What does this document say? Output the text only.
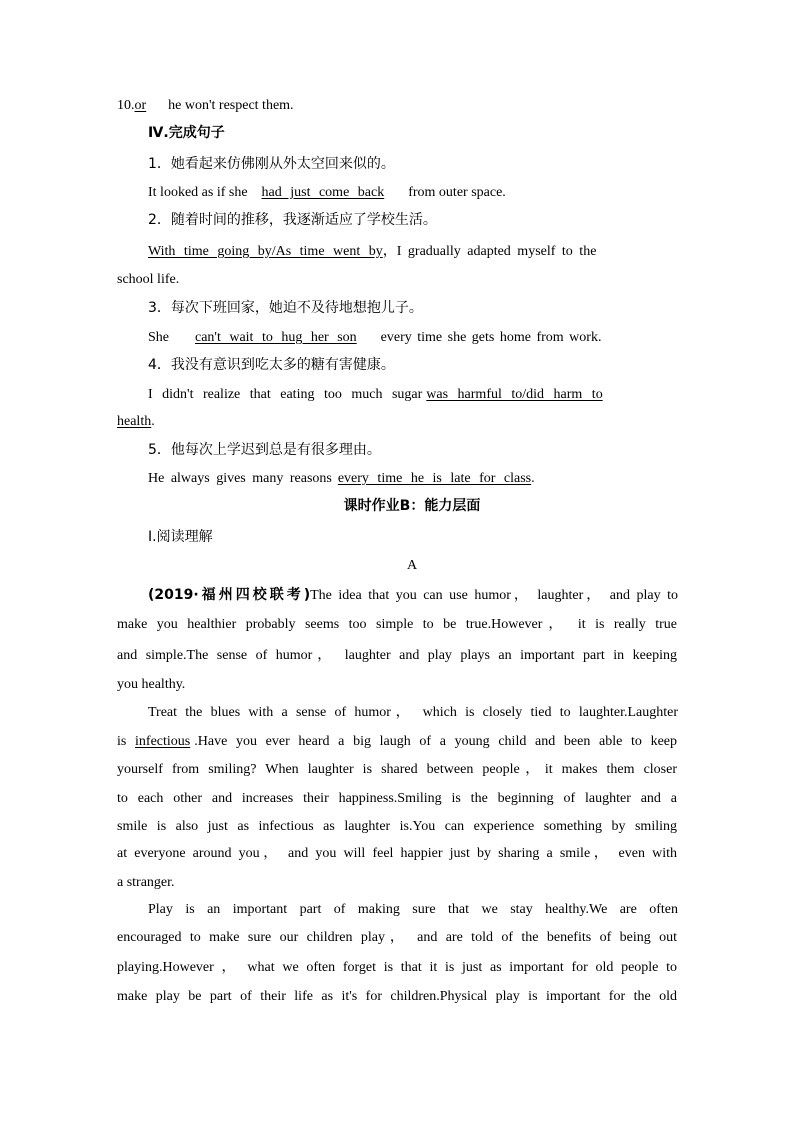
10.or he won't respect them.
Ⅳ.完成句子
1．她看起来仿佛刚从外太空回来似的。
It looked as if she had just come back from outer space.
2．随着时间的推移，我逐渐适应了学校生活。
With time going by/As time went by，I gradually adapted myself to the
school life.
3．每次下班回家，她迫不及待地想抱儿子。
She can't wait to hug her son every time she gets home from work.
4．我没有意识到吃太多的糖有害健康。
I didn't realize that eating too much sugar was harmful to/did harm to
health.
5．他每次上学迟到总是有很多理由。
He always gives many reasons every time he is late for class.
课时作业B：能力层面
Ⅰ.阅读理解
A
(2019·福州四校联考)The idea that you can use humor， laughter， and play to
make you healthier probably seems too simple to be true.However， it is really true
and simple.The sense of humor， laughter and play plays an important part in keeping
you healthy.
Treat the blues with a sense of humor， which is closely tied to laughter.Laughter
is infectious .Have you ever heard a big laugh of a young child and been able to keep
yourself from smiling? When laughter is shared between people，it makes them closer
to each other and increases their happiness.Smiling is the beginning of laughter and a
smile is also just as infectious as laughter is.You can experience something by smiling
at everyone around you， and you will feel happier just by sharing a smile， even with
a stranger.
Play is an important part of making sure that we stay healthy.We are often
encouraged to make sure our children play， and are told of the benefits of being out
playing.However ， what we often forget is that it is just as important for old people to
make play be part of their life as it's for children.Physical play is important for the old
